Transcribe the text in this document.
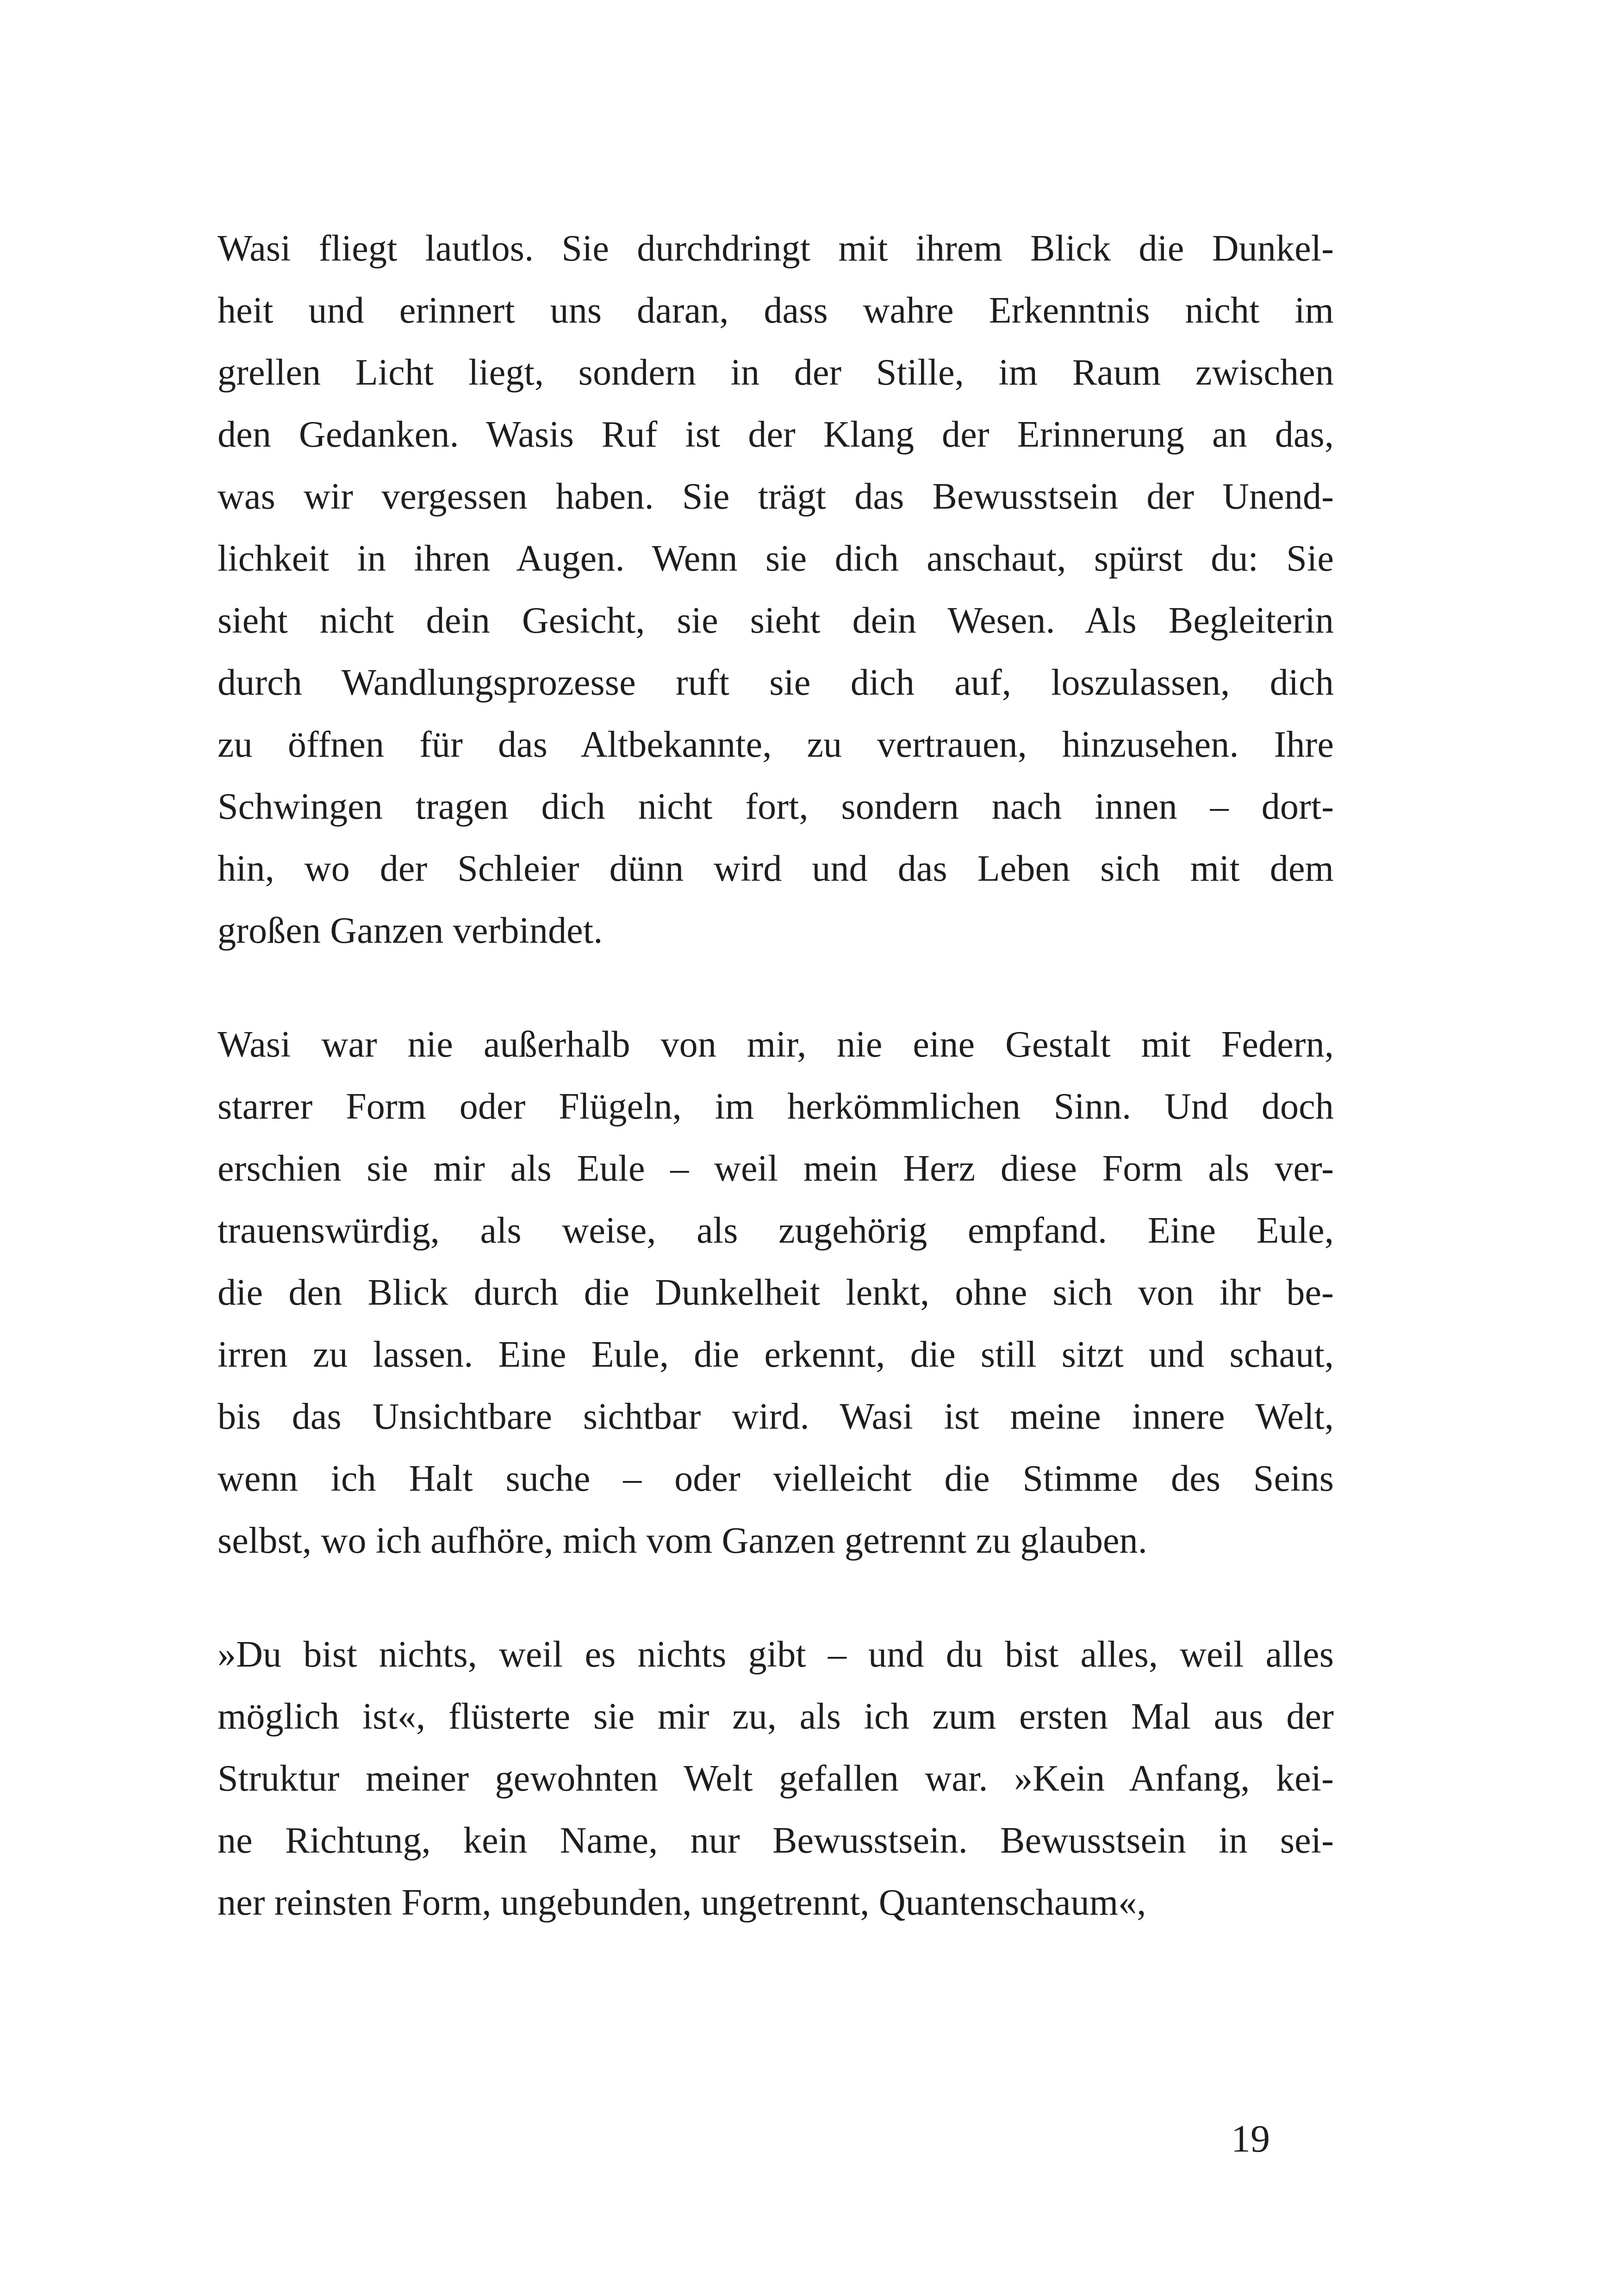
Wasi fliegt lautlos. Sie durchdringt mit ihrem Blick die Dunkel-
heit und erinnert uns daran, dass wahre Erkenntnis nicht im
grellen Licht liegt, sondern in der Stille, im Raum zwischen
den Gedanken. Wasis Ruf ist der Klang der Erinnerung an das,
was wir vergessen haben. Sie trägt das Bewusstsein der Unend-
lichkeit in ihren Augen. Wenn sie dich anschaut, spürst du: Sie
sieht nicht dein Gesicht, sie sieht dein Wesen. Als Begleiterin
durch Wandlungsprozesse ruft sie dich auf, loszulassen, dich
zu öffnen für das Altbekannte, zu vertrauen, hinzusehen. Ihre
Schwingen tragen dich nicht fort, sondern nach innen – dort-
hin, wo der Schleier dünn wird und das Leben sich mit dem
großen Ganzen verbindet.
Wasi war nie außerhalb von mir, nie eine Gestalt mit Federn,
starrer Form oder Flügeln, im herkömmlichen Sinn. Und doch
erschien sie mir als Eule – weil mein Herz diese Form als ver-
trauenswürdig, als weise, als zugehörig empfand. Eine Eule,
die den Blick durch die Dunkelheit lenkt, ohne sich von ihr be-
irren zu lassen. Eine Eule, die erkennt, die still sitzt und schaut,
bis das Unsichtbare sichtbar wird. Wasi ist meine innere Welt,
wenn ich Halt suche – oder vielleicht die Stimme des Seins
selbst, wo ich aufhöre, mich vom Ganzen getrennt zu glauben.
»Du bist nichts, weil es nichts gibt – und du bist alles, weil alles
möglich ist«, flüsterte sie mir zu, als ich zum ersten Mal aus der
Struktur meiner gewohnten Welt gefallen war. »Kein Anfang, kei-
ne Richtung, kein Name, nur Bewusstsein. Bewusstsein in sei-
ner reinsten Form, ungebunden, ungetrennt, Quantenschaum«,
19
